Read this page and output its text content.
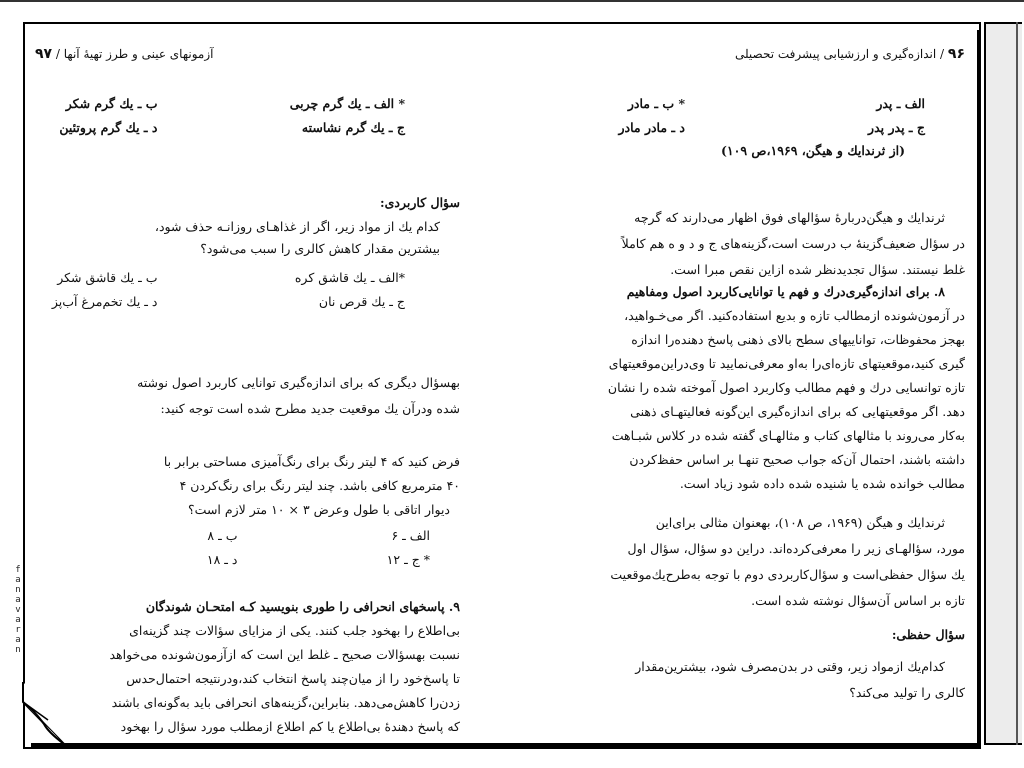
آزمونهای عینی و طرز تهیهٔ آنها / ۹۷
* الف ـ یك گرم چربی
ب ـ یك گرم شكر
ج ـ یك گرم نشاسته
د ـ یك گرم پروتئین

سؤال كاربردی:

كدام یك از مواد زیر، اگر از غذاهـای روزانـه حذف شود،

بیشترین مقدار كاهش كالری را سبب می‌شود؟

*الف ـ یك قاشق كره
ب ـ یك قاشق شكر
ج ـ یك قرص نان
د ـ یك تخم‌مرغ آب‌پز

بهسؤال دیگری كه برای اندازه‌گیری توانایی كاربرد اصول نوشته

شده ودرآن یك موقعیت جدید مطرح شده است توجه كنید:

فرض كنید كه ۴ لیتر رنگ برای رنگ‌آمیزی مساحتی برابر با

۴۰ مترمربع كافی باشد. چند لیتر رنگ برای رنگ‌كردن ۴

دیوار اتاقی با طول وعرض ۳ × ۱۰ متر لازم است؟

الف ـ ۶
ب ـ ۸
* ج ـ ۱۲
د ـ ۱۸

۹. پاسخهای انحرافی را طوری بنویسید كـه امتحـان شوندگان

بی‌اطلاع را بهخود جلب كنند. یكی از مزایای سؤالات چند گزینه‌ای

نسبت بهسؤالات صحیح ـ غلط این است كه ازآزمون‌شونده می‌خواهد

تا پاسخ‌خود را از میان‌چند پاسخ انتخاب كند،ودرنتیجه احتمال‌حدس

زدن‌را كاهش‌می‌دهد. بنابراین،گزینه‌های انحرافی باید به‌گونه‌ای باشند

كه پاسخ دهندهٔ بی‌اطلاع یا كم اطلاع ازمطلب مورد سؤال را بهخود

۹۶ / اندازه‌گیری و ارزشیابی پیشرفت تحصیلی
الف ـ پدر
* ب ـ مادر
ج ـ پدر پدر
د ـ مادر مادر

(از ثرندایك و هیگن، ۱۹۶۹،ص ۱۰۹)

ثرندایك و هیگن‌دربارهٔ سؤالهای فوق اظهار می‌دارند كه گرچه

در سؤال ضعیف‌گزینهٔ ب درست است،گزینه‌های ج و د و ه هم كاملاً

غلط نیستند. سؤال تجدیدنظر شده ازاین نقص مبرا است.

۸. برای اندازه‌گیری‌درك و فهم یا توانایی‌كاربرد اصول ومفاهیم

در آزمون‌شونده ازمطالب تازه و بدیع استفاده‌كنید. اگر می‌خـواهید،

بهجز محفوظات، تواناییهای سطح بالای ذهنی پاسخ دهنده‌را اندازه

گیری كنید،موقعیتهای تازه‌ای‌را به‌او معرفی‌نمایید تا وی‌دراین‌موقعیتهای

تازه توانسایی درك و فهم مطالب وكاربرد اصول آموخته شده را نشان

دهد. اگر موقعیتهایی كه برای اندازه‌گیری این‌گونه فعالیتهـای ذهنی

به‌كار می‌روند با مثالهای كتاب و مثالهـای گفته شده در كلاس شبـاهت

داشته باشند، احتمال آن‌كه جواب صحیح تنهـا بر اساس حفظ‌كردن

مطالب خوانده شده یا شنیده شده داده شود زیاد است.

ثرندایك و هیگن (۱۹۶۹، ص ۱۰۸)، بهعنوان مثالی برای‌این

مورد، سؤالهـای زیر را معرفی‌كرده‌اند. دراین دو سؤال، سؤال اول

یك سؤال حفظی‌است و سؤال‌كاربردی دوم با توجه به‌طرح‌یك‌موقعیت

تازه بر اساس آن‌سؤال نوشته شده است.

سؤال حفظی:

كدام‌یك ازمواد زیر، وقتی در بدن‌مصرف شود، بیشترین‌مقدار

كالری را تولید می‌كند؟

f
a
n
a
v
a
r
a
n
